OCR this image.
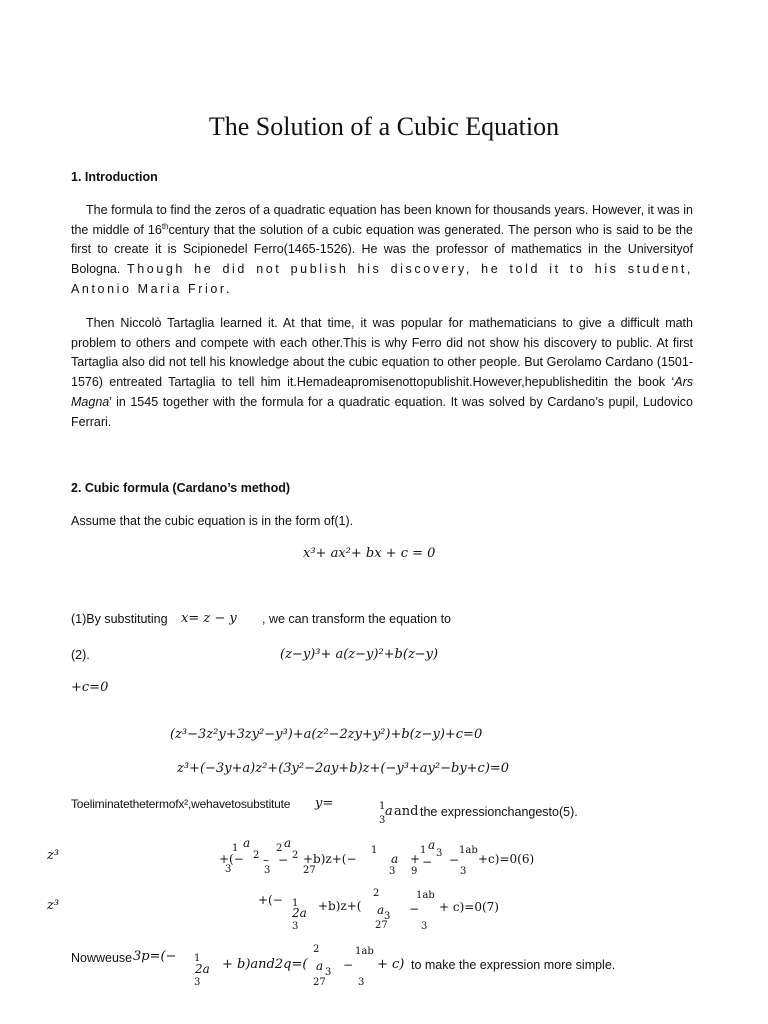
The Solution of a Cubic Equation
1. Introduction

The formula to find the zeros of a quadratic equation has been known for thousands years. However, it was in the middle of 16thcentury that the solution of a cubic equation was generated. The person who is said to be the first to create it is Scipionedel Ferro(1465-1526). He was the professor of mathematics in the Universityof Bologna. Though he did not publish his discovery, he told it to his student, Antonio Maria Frior.

Then Niccolò Tartaglia learned it. At that time, it was popular for mathematicians to give a difficult math problem to others and compete with each other.This is why Ferro did not show his discovery to public. At first Tartaglia also did not tell his knowledge about the cubic equation to other people. But Gerolamo Cardano (1501-1576) entreated Tartaglia to tell him it.Hemadeapromisenottopublishit.However,hepublishedit​in the book ‘Ars Magna’ in 1545 together with the formula for a quadratic equation. It was solved by Cardano’s pupil, Ludovico Ferrari.

2. Cubic formula (Cardano’s method)
Assume that the cubic equation is in the form of(1).
x³+ ax²+ bx + c = 0
(1)By substituting x= z − y , we can transform the equation to
(2).	(z−y)³+ a(z−y)²+b(z−y)
+c=0
(z³−3z²y+3zy²−y³)+a(z²−2zy+y²)+b(z−y)+c=0
z³+(−3y+a)z²+(3y²−2ay+b)z+(−y³+ay²−by+c)=0
Toeliminatethetermofx²,wehavetosubstitute y=	1
3
a and the expressionchangesto(5).
z³	1 a
2
2 a
2
+(−
3
–
3
−
27
+b)z+(−
1
a
3
+
9
1 a
3
− −
1ab
3
+c)=0(6)
z³	+(− 1
2a
3
+b)z+(
2
a 3
27
−
1ab
3
+ c)=0(7)
Nowweuse 3p=(− 1
2a
3
+ b)and2q=(
2
a 3
27
−
1ab
3
+ c) to make the expression more simple.
